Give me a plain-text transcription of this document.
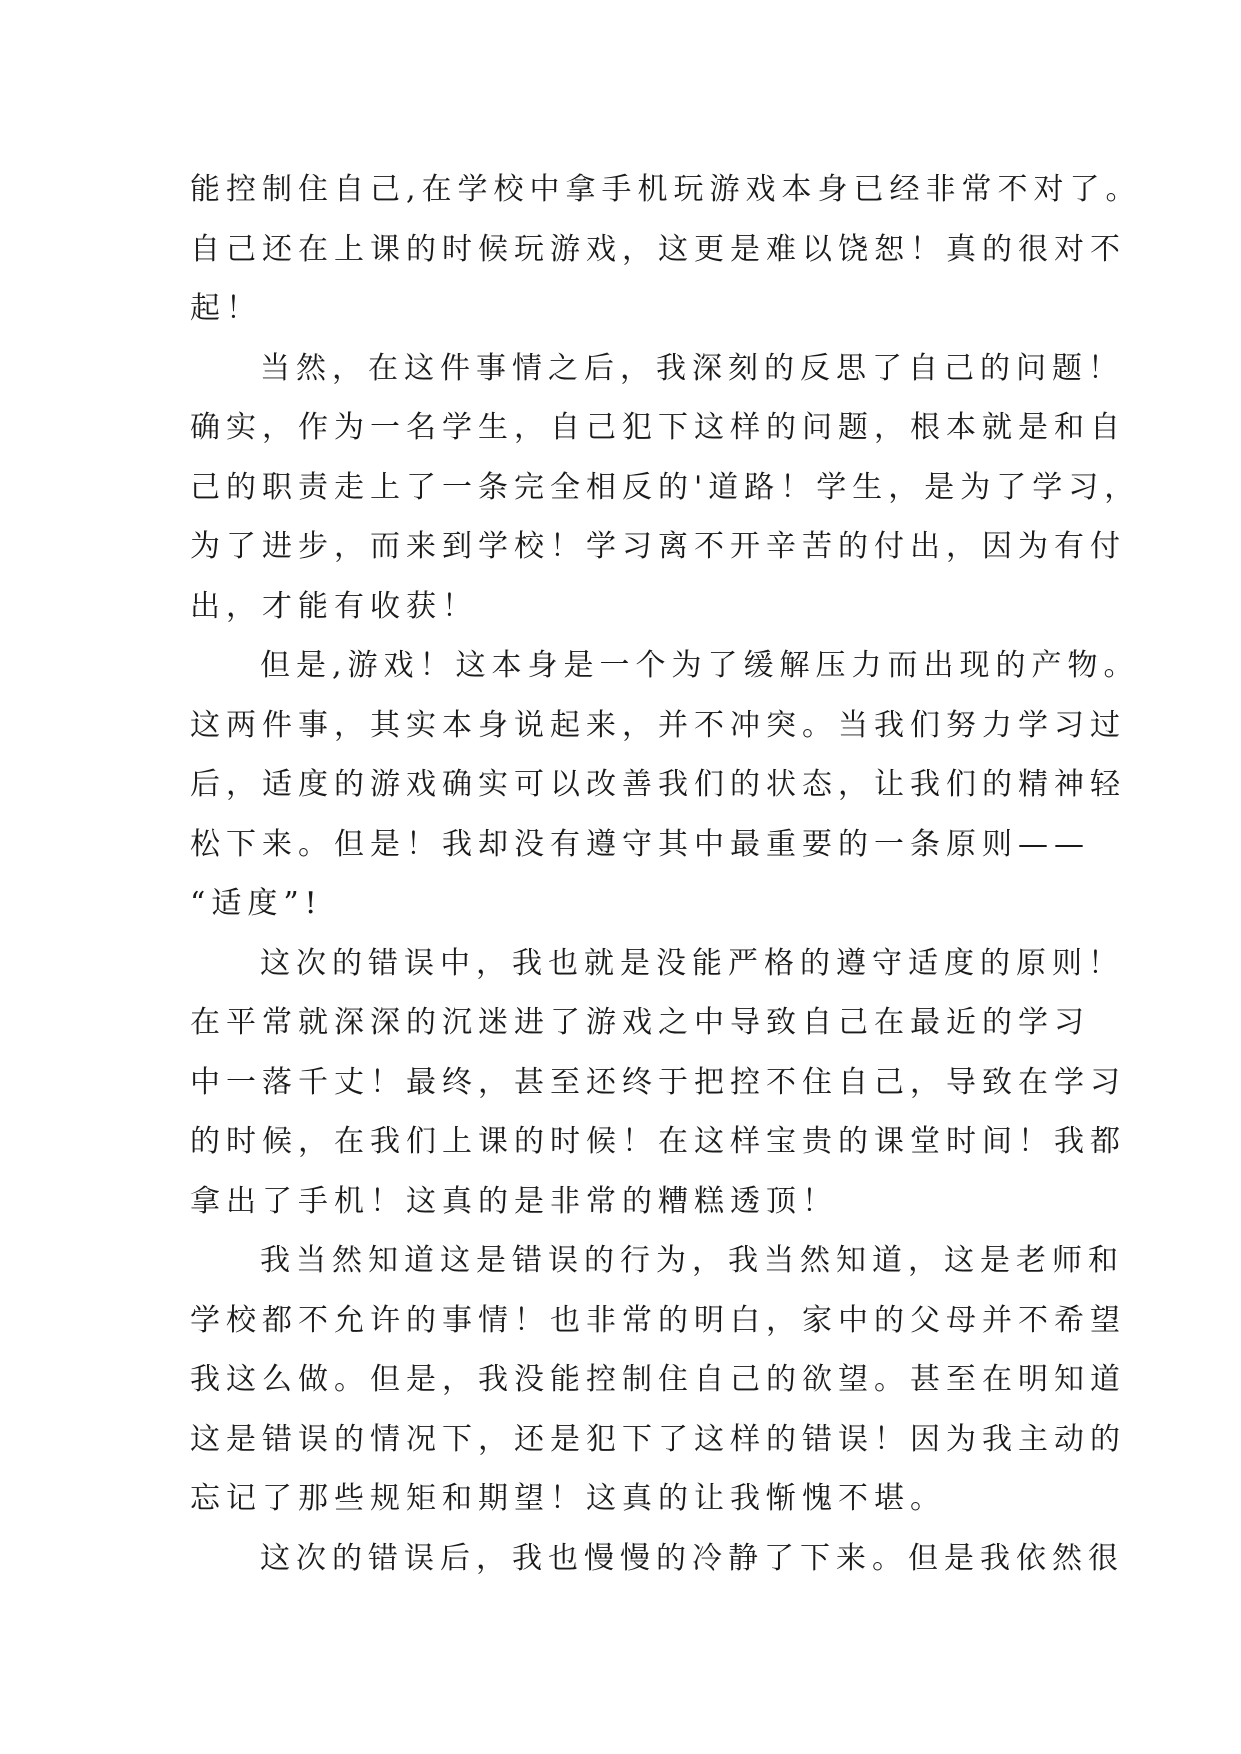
能控制住自己,在学校中拿手机玩游戏本身已经非常不对了。
自己还在上课的时候玩游戏，这更是难以饶恕！真的很对不
起！
当然，在这件事情之后，我深刻的反思了自己的问题！
确实，作为一名学生，自己犯下这样的问题，根本就是和自
己的职责走上了一条完全相反的'道路！学生，是为了学习，
为了进步，而来到学校！学习离不开辛苦的付出，因为有付
出，才能有收获！
但是,游戏！这本身是一个为了缓解压力而出现的产物。
这两件事，其实本身说起来，并不冲突。当我们努力学习过
后，适度的游戏确实可以改善我们的状态，让我们的精神轻
松下来。但是！我却没有遵守其中最重要的一条原则——
“适度”!
这次的错误中，我也就是没能严格的遵守适度的原则！
在平常就深深的沉迷进了游戏之中导致自己在最近的学习
中一落千丈！最终，甚至还终于把控不住自己，导致在学习
的时候，在我们上课的时候！在这样宝贵的课堂时间！我都
拿出了手机！这真的是非常的糟糕透顶！
我当然知道这是错误的行为，我当然知道，这是老师和
学校都不允许的事情！也非常的明白，家中的父母并不希望
我这么做。但是，我没能控制住自己的欲望。甚至在明知道
这是错误的情况下，还是犯下了这样的错误！因为我主动的
忘记了那些规矩和期望！这真的让我惭愧不堪。
这次的错误后，我也慢慢的冷静了下来。但是我依然很
